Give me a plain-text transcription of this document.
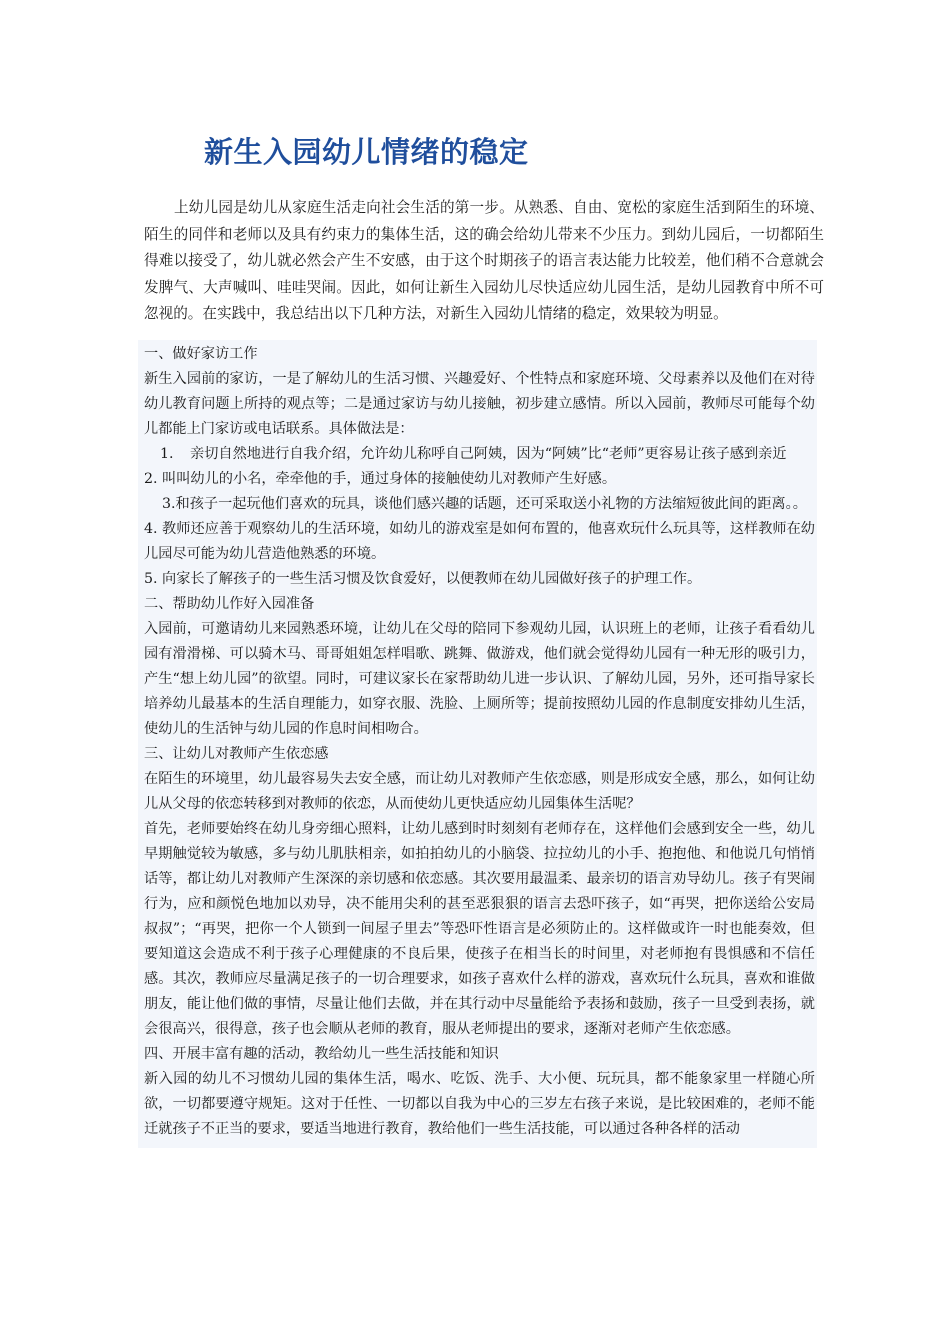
新生入园幼儿情绪的稳定

上幼儿园是幼儿从家庭生活走向社会生活的第一步。从熟悉、自由、宽松的家庭生活到陌生的环境、陌生的同伴和老师以及具有约束力的集体生活，这的确会给幼儿带来不少压力。到幼儿园后，一切都陌生得难以接受了，幼儿就必然会产生不安感，由于这个时期孩子的语言表达能力比较差，他们稍不合意就会发脾气、大声喊叫、哇哇哭闹。因此，如何让新生入园幼儿尽快适应幼儿园生活，是幼儿园教育中所不可忽视的。在实践中，我总结出以下几种方法，对新生入园幼儿情绪的稳定，效果较为明显。

一、做好家访工作

新生入园前的家访，一是了解幼儿的生活习惯、兴趣爱好、个性特点和家庭环境、父母素养以及他们在对待幼儿教育问题上所持的观点等；二是通过家访与幼儿接触，初步建立感情。所以入园前，教师尽可能每个幼儿都能上门家访或电话联系。具体做法是：

1.	亲切自然地进行自我介绍，允许幼儿称呼自己阿姨，因为“阿姨”比“老师”更容易让孩子感到亲近

2. 叫叫幼儿的小名，牵牵他的手，通过身体的接触使幼儿对教师产生好感。

3.和孩子一起玩他们喜欢的玩具，谈他们感兴趣的话题，还可采取送小礼物的方法缩短彼此间的距离。。

4. 教师还应善于观察幼儿的生活环境，如幼儿的游戏室是如何布置的，他喜欢玩什么玩具等，这样教师在幼儿园尽可能为幼儿营造他熟悉的环境。

5. 向家长了解孩子的一些生活习惯及饮食爱好，以便教师在幼儿园做好孩子的护理工作。

二、帮助幼儿作好入园准备

入园前，可邀请幼儿来园熟悉环境，让幼儿在父母的陪同下参观幼儿园，认识班上的老师，让孩子看看幼儿园有滑滑梯、可以骑木马、哥哥姐姐怎样唱歌、跳舞、做游戏，他们就会觉得幼儿园有一种无形的吸引力，产生“想上幼儿园”的欲望。同时，可建议家长在家帮助幼儿进一步认识、了解幼儿园，另外，还可指导家长培养幼儿最基本的生活自理能力，如穿衣服、洗脸、上厕所等；提前按照幼儿园的作息制度安排幼儿生活，使幼儿的生活钟与幼儿园的作息时间相吻合。

三、让幼儿对教师产生依恋感

在陌生的环境里，幼儿最容易失去安全感，而让幼儿对教师产生依恋感，则是形成安全感，那么，如何让幼儿从父母的依恋转移到对教师的依恋，从而使幼儿更快适应幼儿园集体生活呢？

首先，老师要始终在幼儿身旁细心照料，让幼儿感到时时刻刻有老师存在，这样他们会感到安全一些，幼儿早期触觉较为敏感，多与幼儿肌肤相亲，如拍拍幼儿的小脑袋、拉拉幼儿的小手、抱抱他、和他说几句悄悄话等，都让幼儿对教师产生深深的亲切感和依恋感。其次要用最温柔、最亲切的语言劝导幼儿。孩子有哭闹行为，应和颜悦色地加以劝导，决不能用尖利的甚至恶狠狠的语言去恐吓孩子，如“再哭，把你送给公安局叔叔”；“再哭，把你一个人锁到一间屋子里去”等恐吓性语言是必须防止的。这样做或许一时也能奏效，但要知道这会造成不利于孩子心理健康的不良后果，使孩子在相当长的时间里，对老师抱有畏惧感和不信任感。其次，教师应尽量满足孩子的一切合理要求，如孩子喜欢什么样的游戏，喜欢玩什么玩具，喜欢和谁做朋友，能让他们做的事情，尽量让他们去做，并在其行动中尽量能给予表扬和鼓励，孩子一旦受到表扬，就会很高兴，很得意，孩子也会顺从老师的教育，服从老师提出的要求，逐渐对老师产生依恋感。

四、开展丰富有趣的活动，教给幼儿一些生活技能和知识

新入园的幼儿不习惯幼儿园的集体生活，喝水、吃饭、洗手、大小便、玩玩具，都不能象家里一样随心所欲，一切都要遵守规矩。这对于任性、一切都以自我为中心的三岁左右孩子来说，是比较困难的，老师不能迁就孩子不正当的要求，要适当地进行教育，教给他们一些生活技能，可以通过各种各样的活动
